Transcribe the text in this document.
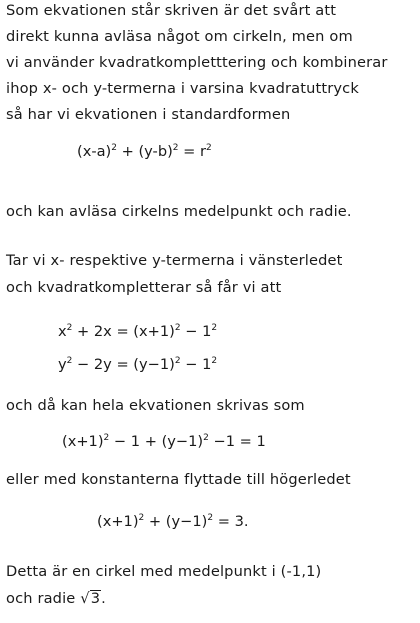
Som ekvationen står skriven är det svårt att
direkt kunna avläsa något om cirkeln, men om
vi använder kvadratkompletttering och kombinerar
ihop x- och y-termerna i varsina kvadratuttryck
så har vi ekvationen i standardformen
$(x-a)^2 + (y-b)^2 = r^2$
och kan avläsa cirkelns medelpunkt och radie.
Tar vi x- respektive y-termerna i vänsterledet
och kvadratkompletterar så får vi att
$x^2 + 2x = (x+1)^2 - 1^2$
$y^2 - 2y = (y-1)^2 - 1^2$
och då kan hela ekvationen skrivas som
$(x+1)^2 - 1 + (y-1)^2 -1 = 1$
eller med konstanterna flyttade till högerledet
$(x+1)^2 + (y-1)^2 = 3$.
Detta är en cirkel med medelpunkt i (-1,1)
och radie √3.
